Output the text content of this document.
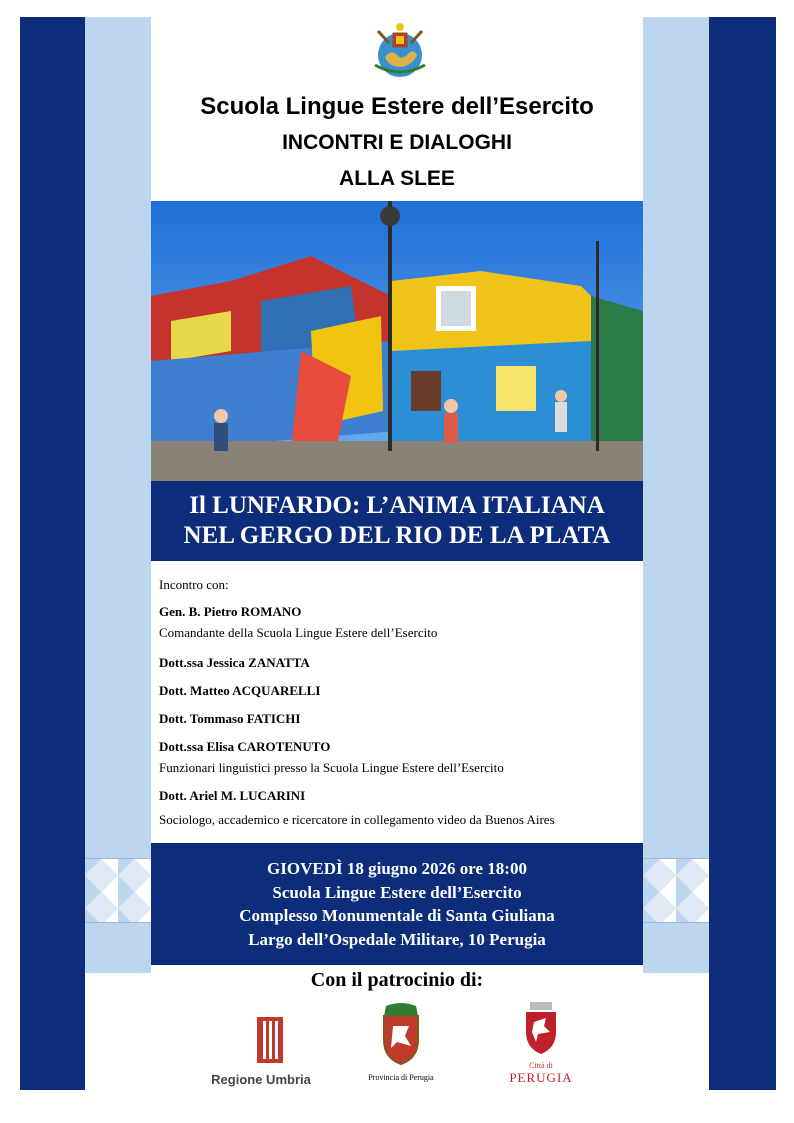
Scuola Lingue Estere dell’Esercito
INCONTRI E DIALOGHI
ALLA SLEE
Il LUNFARDO: L’ANIMA ITALIANA
NEL GERGO DEL RIO DE LA PLATA
Incontro con:
Gen. B. Pietro ROMANO
Comandante della Scuola Lingue Estere dell’Esercito
Dott.ssa Jessica ZANATTA
Dott. Matteo ACQUARELLI
Dott. Tommaso FATICHI
Dott.ssa Elisa CAROTENUTO
Funzionari linguistici presso la Scuola Lingue Estere dell’Esercito
Dott. Ariel M. LUCARINI
Sociologo, accademico e ricercatore in collegamento video da Buenos Aires
GIOVEDÌ 18 giugno 2026 ore 18:00
Scuola Lingue Estere dell’Esercito
Complesso Monumentale di Santa Giuliana
Largo dell’Ospedale Militare, 10 Perugia
Con il patrocinio di:
Regione Umbria	Provincia di Perugia
Città di
PERUGIA
